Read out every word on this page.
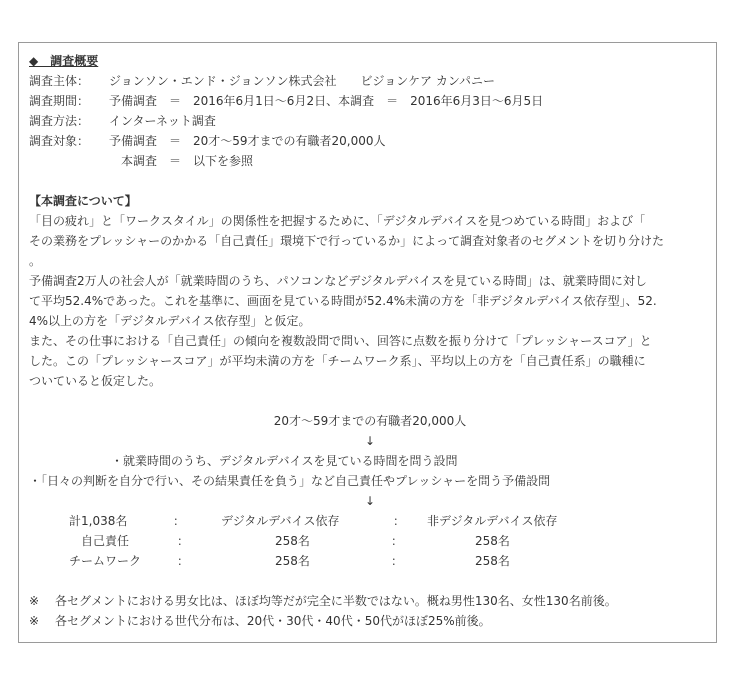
◆　調査概要
調査主体：	ジョンソン・エンド・ジョンソン株式会社　　ビジョンケア カンパニー
調査期間：	予備調査　＝　2016年6月1日〜6月2日、本調査　＝　2016年6月3日〜6月5日
調査方法：	インターネット調査
調査対象：	予備調査　＝　20才〜59才までの有職者20,000人
本調査　＝　以下を参照
【本調査について】

「目の疲れ」と「ワークスタイル」の関係性を把握するために、「デジタルデバイスを見つめている時間」および「

その業務をプレッシャーのかかる「自己責任」環境下で行っているか」によって調査対象者のセグメントを切り分けた

。

予備調査2万人の社会人が「就業時間のうち、パソコンなどデジタルデバイスを見ている時間」は、就業時間に対し

て平均52.4%であった。これを基準に、画面を見ている時間が52.4%未満の方を「非デジタルデバイス依存型」、52.

4%以上の方を「デジタルデバイス依存型」と仮定。

また、その仕事における「自己責任」の傾向を複数設問で問い、回答に点数を振り分けて「プレッシャースコア」と

した。この「プレッシャースコア」が平均未満の方を「チームワーク系」、平均以上の方を「自己責任系」の職種に

ついていると仮定した。

20才〜59才までの有職者20,000人
↓
・就業時間のうち、デジタルデバイスを見ている時間を問う設問
・「日々の判断を自分で行い、その結果責任を負う」など自己責任やプレッシャーを問う予備設問
↓
計1,038名	：	デジタルデバイス依存	： 非デジタルデバイス依存
自己責任	：	258名	：	258名
チームワーク	：	258名	：	258名
※	各セグメントにおける男女比は、ほぼ均等だが完全に半数ではない。概ね男性130名、女性130名前後。
※	各セグメントにおける世代分布は、20代・30代・40代・50代がほぼ25%前後。
